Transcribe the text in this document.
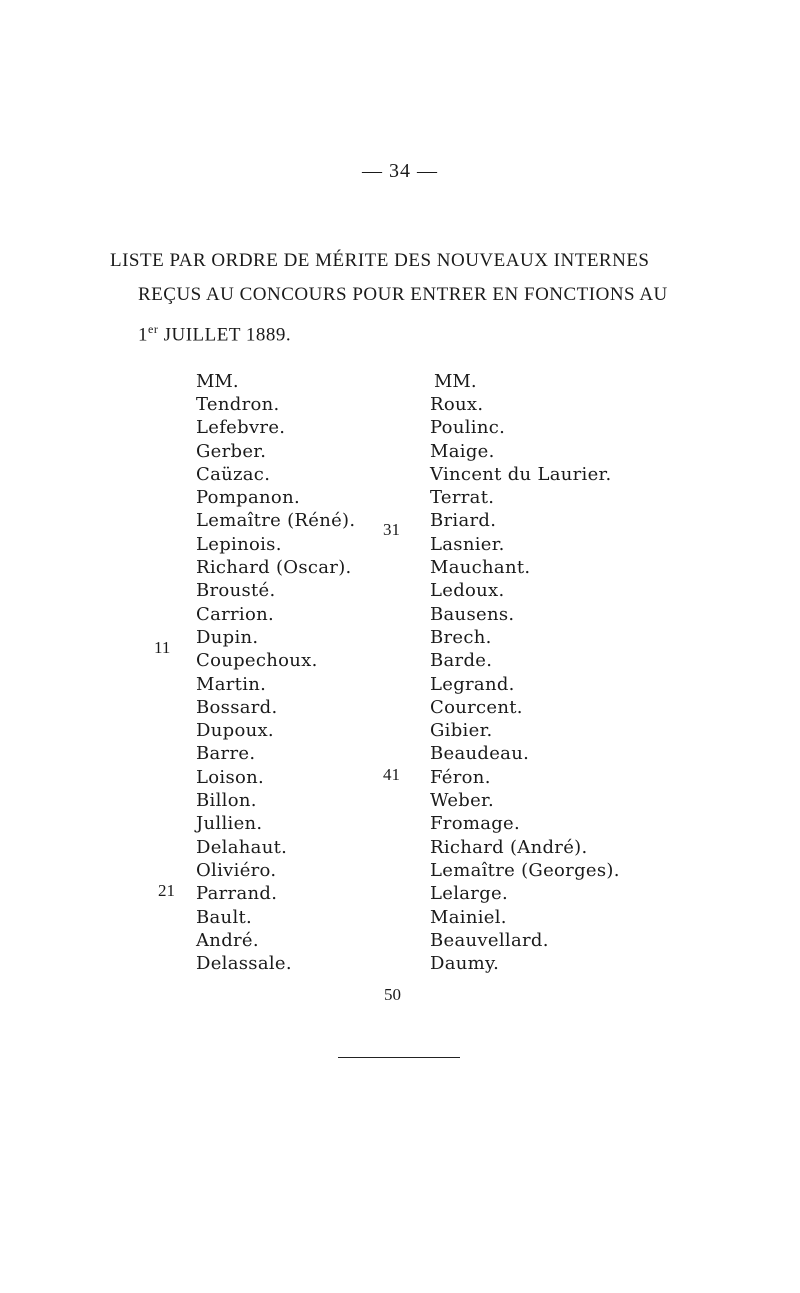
— 34 —
LISTE PAR ORDRE DE MÉRITE DES NOUVEAUX INTERNES
REÇUS AU CONCOURS POUR ENTRER EN FONCTIONS AU
1er JUILLET 1889.
MM.
Tendron.
Lefebvre.
Gerber.
Caüzac.
Pompanon.
Lemaître (Réné).
Lepinois.
Richard (Oscar).
Brousté.
Carrion.
Dupin.
Coupechoux.
Martin.
Bossard.
Dupoux.
Barre.
Loison.
Billon.
Jullien.
Delahaut.
Oliviéro.
Parrand.
Bault.
André.
Delassale.
MM.
Roux.
Poulinc.
Maige.
Vincent du Laurier.
Terrat.
Briard.
Lasnier.
Mauchant.
Ledoux.
Bausens.
Brech.
Barde.
Legrand.
Courcent.
Gibier.
Beaudeau.
Féron.
Weber.
Fromage.
Richard (André).
Lemaître (Georges).
Lelarge.
Mainiel.
Beauvellard.
Daumy.
11
21
31
41
50
